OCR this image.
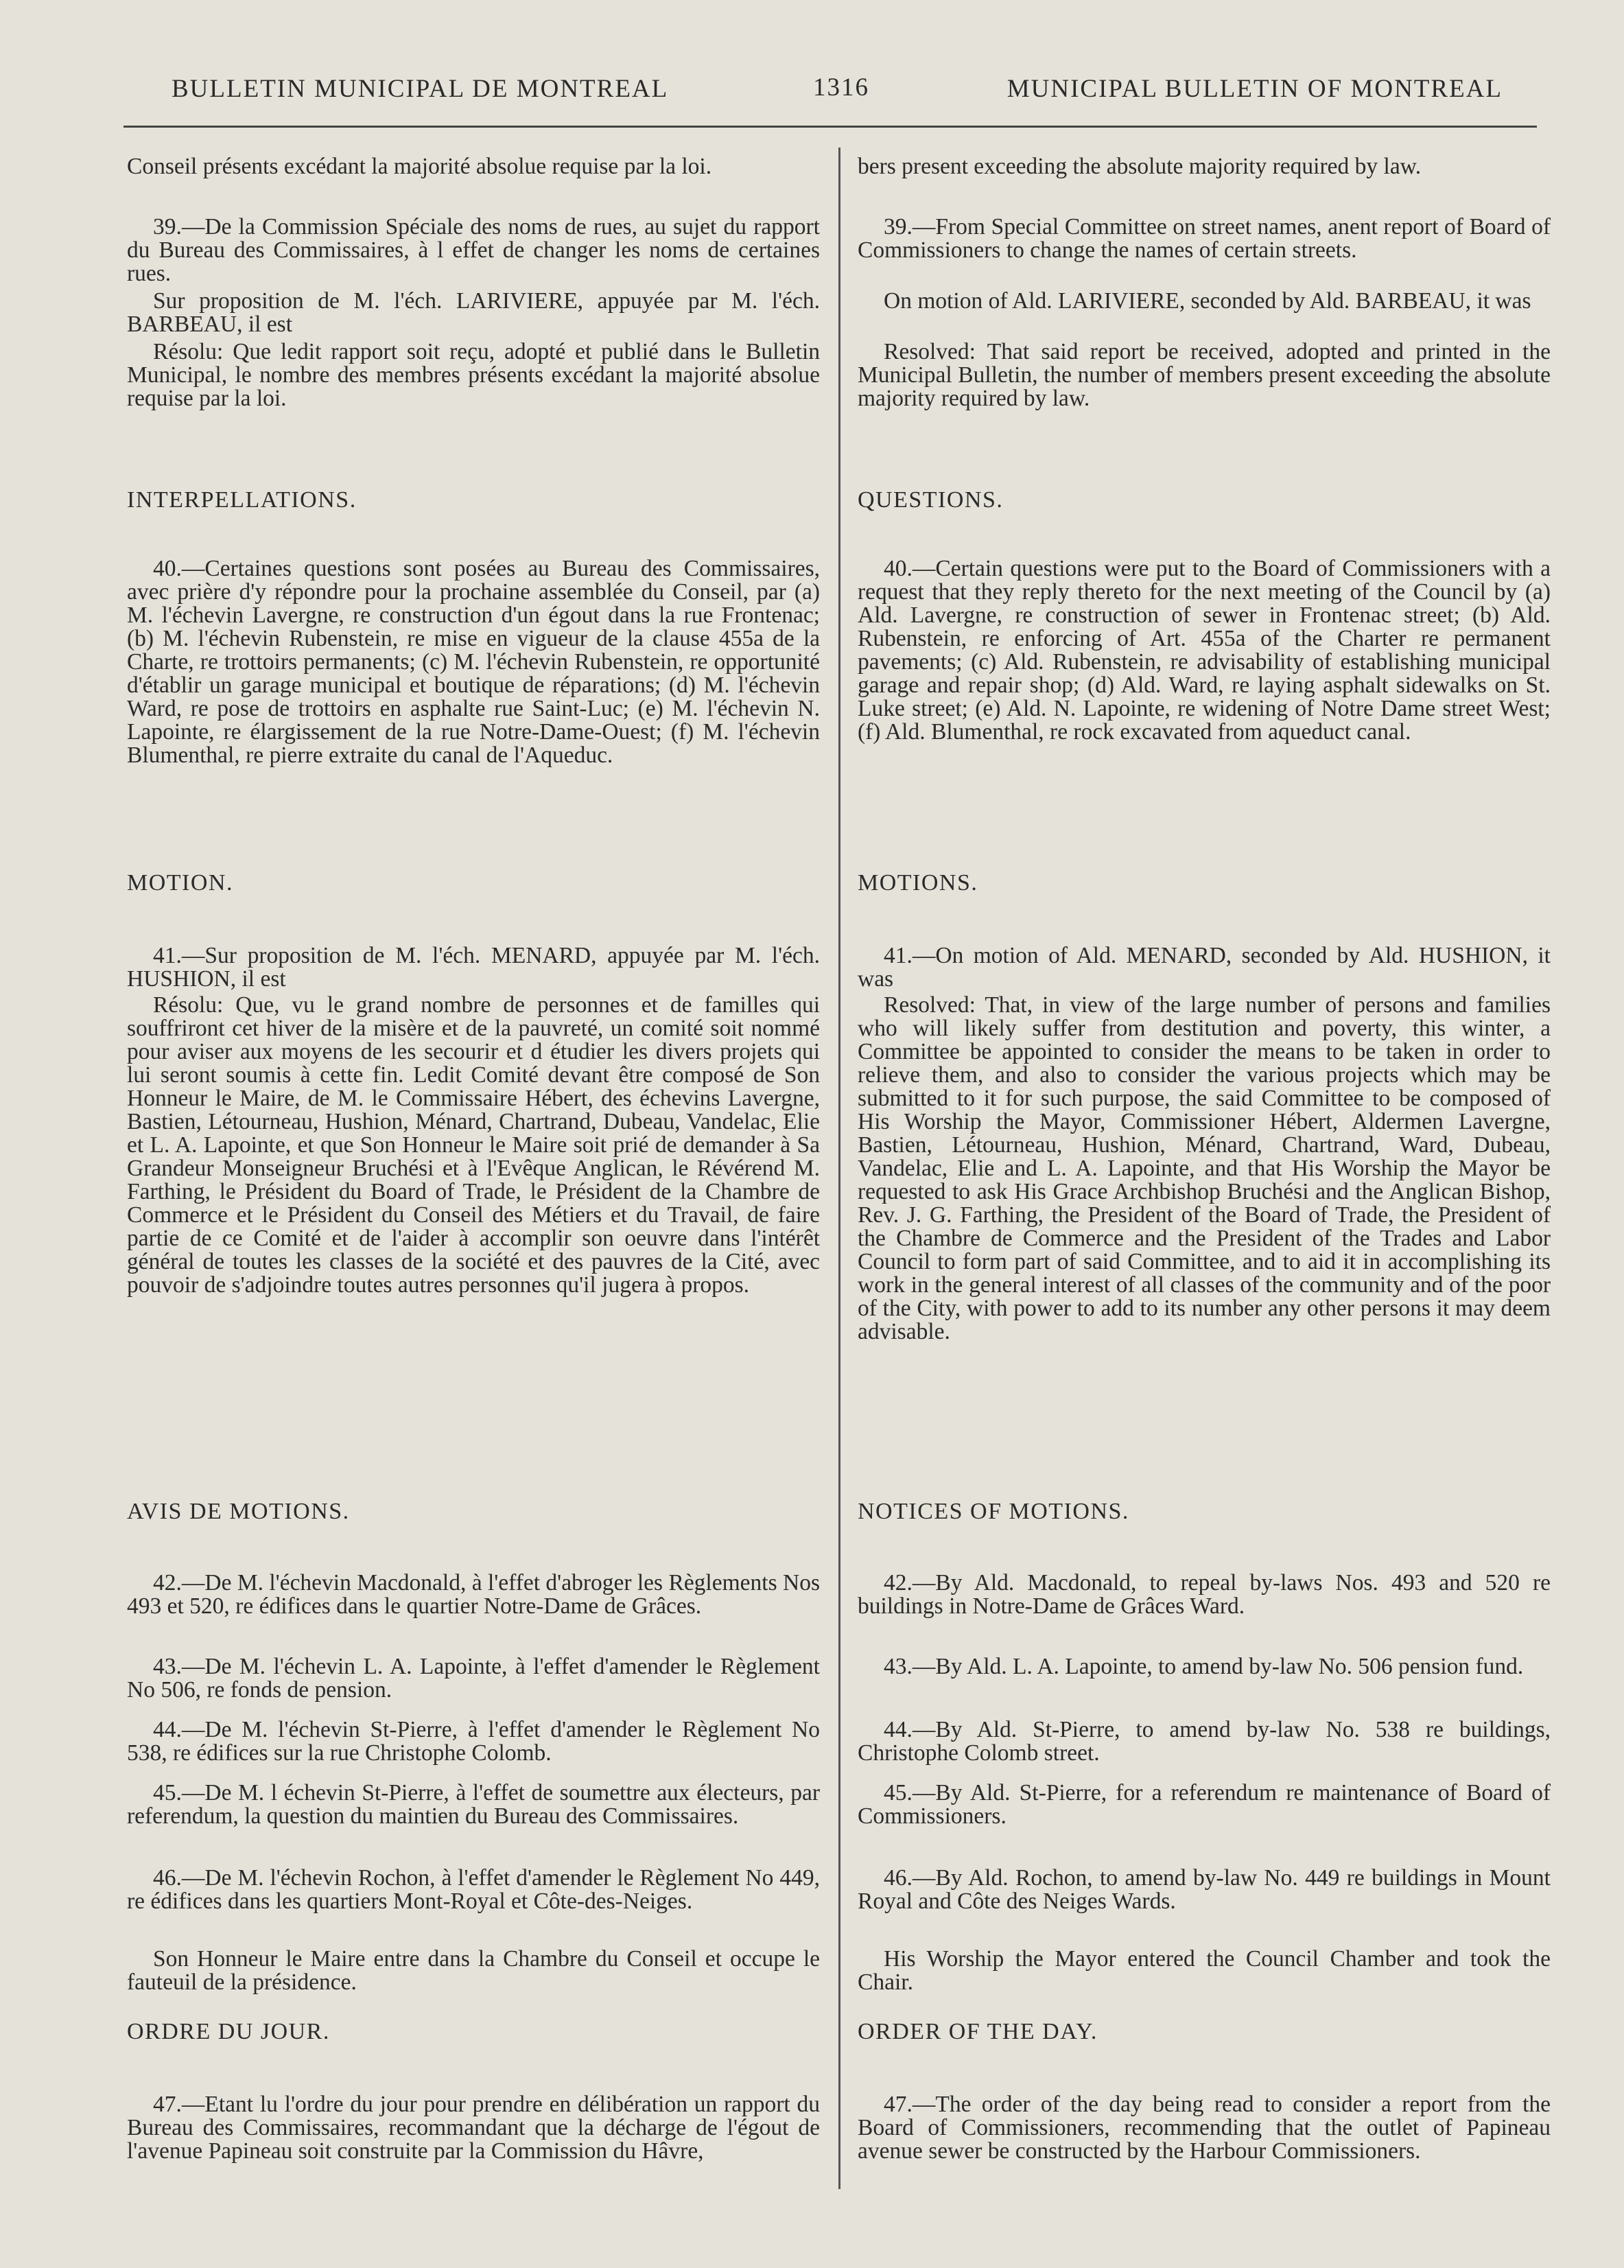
BULLETIN MUNICIPAL DE MONTREAL	1316	MUNICIPAL BULLETIN OF MONTREAL

Conseil présents excédant la majorité absolue requise par la loi.

39.—De la Commission Spéciale des noms de rues, au sujet du rapport du Bureau des Commissaires, à l effet de changer les noms de certaines rues.

Sur proposition de M. l'éch. LARIVIERE, appuyée par M. l'éch. BARBEAU, il est

Résolu: Que ledit rapport soit reçu, adopté et publié dans le Bulletin Municipal, le nombre des membres présents excédant la majorité absolue requise par la loi.

INTERPELLATIONS.

40.—Certaines questions sont posées au Bureau des Commissaires, avec prière d'y répondre pour la prochaine assemblée du Conseil, par (a) M. l'échevin Lavergne, re construction d'un égout dans la rue Frontenac; (b) M. l'échevin Rubenstein, re mise en vigueur de la clause 455a de la Charte, re trottoirs permanents; (c) M. l'échevin Rubenstein, re opportunité d'établir un garage municipal et boutique de réparations; (d) M. l'échevin Ward, re pose de trottoirs en asphalte rue Saint-Luc; (e) M. l'échevin N. Lapointe, re élargissement de la rue Notre-Dame-Ouest; (f) M. l'échevin Blumenthal, re pierre extraite du canal de l'Aqueduc.

MOTION.

41.—Sur proposition de M. l'éch. MENARD, appuyée par M. l'éch. HUSHION, il est

Résolu: Que, vu le grand nombre de personnes et de familles qui souffriront cet hiver de la misère et de la pauvreté, un comité soit nommé pour aviser aux moyens de les secourir et d étudier les divers projets qui lui seront soumis à cette fin. Ledit Comité devant être composé de Son Honneur le Maire, de M. le Commissaire Hébert, des échevins Lavergne, Bastien, Létourneau, Hushion, Ménard, Chartrand, Dubeau, Vandelac, Elie et L. A. Lapointe, et que Son Honneur le Maire soit prié de demander à Sa Grandeur Monseigneur Bruchési et à l'Evêque Anglican, le Révérend M. Farthing, le Président du Board of Trade, le Président de la Chambre de Commerce et le Président du Conseil des Métiers et du Travail, de faire partie de ce Comité et de l'aider à accomplir son oeuvre dans l'intérêt général de toutes les classes de la société et des pauvres de la Cité, avec pouvoir de s'adjoindre toutes autres personnes qu'il jugera à propos.

AVIS DE MOTIONS.

42.—De M. l'échevin Macdonald, à l'effet d'abroger les Règlements Nos 493 et 520, re édifices dans le quartier Notre-Dame de Grâces.

43.—De M. l'échevin L. A. Lapointe, à l'effet d'amender le Règlement No 506, re fonds de pension.

44.—De M. l'échevin St-Pierre, à l'effet d'amender le Règlement No 538, re édifices sur la rue Christophe Colomb.

45.—De M. l échevin St-Pierre, à l'effet de soumettre aux électeurs, par referendum, la question du maintien du Bureau des Commissaires.

46.—De M. l'échevin Rochon, à l'effet d'amender le Règlement No 449, re édifices dans les quartiers Mont-Royal et Côte-des-Neiges.

Son Honneur le Maire entre dans la Chambre du Conseil et occupe le fauteuil de la présidence.

ORDRE DU JOUR.

47.—Etant lu l'ordre du jour pour prendre en délibération un rapport du Bureau des Commissaires, recommandant que la décharge de l'égout de l'avenue Papineau soit construite par la Commission du Hâvre,

bers present exceeding the absolute majority required by law.

39.—From Special Committee on street names, anent report of Board of Commissioners to change the names of certain streets.

On motion of Ald. LARIVIERE, seconded by Ald. BARBEAU, it was

Resolved: That said report be received, adopted and printed in the Municipal Bulletin, the number of members present exceeding the absolute majority required by law.

QUESTIONS.

40.—Certain questions were put to the Board of Commissioners with a request that they reply thereto for the next meeting of the Council by (a) Ald. Lavergne, re construction of sewer in Frontenac street; (b) Ald. Rubenstein, re enforcing of Art. 455a of the Charter re permanent pavements; (c) Ald. Rubenstein, re advisability of establishing municipal garage and repair shop; (d) Ald. Ward, re laying asphalt sidewalks on St. Luke street; (e) Ald. N. Lapointe, re widening of Notre Dame street West; (f) Ald. Blumenthal, re rock excavated from aqueduct canal.

MOTIONS.

41.—On motion of Ald. MENARD, seconded by Ald. HUSHION, it was

Resolved: That, in view of the large number of persons and families who will likely suffer from destitution and poverty, this winter, a Committee be appointed to consider the means to be taken in order to relieve them, and also to consider the various projects which may be submitted to it for such purpose, the said Committee to be composed of His Worship the Mayor, Commissioner Hébert, Aldermen Lavergne, Bastien, Létourneau, Hushion, Ménard, Chartrand, Ward, Dubeau, Vandelac, Elie and L. A. Lapointe, and that His Worship the Mayor be requested to ask His Grace Archbishop Bruchési and the Anglican Bishop, Rev. J. G. Farthing, the President of the Board of Trade, the President of the Chambre de Commerce and the President of the Trades and Labor Council to form part of said Committee, and to aid it in accomplishing its work in the general interest of all classes of the community and of the poor of the City, with power to add to its number any other persons it may deem advisable.

NOTICES OF MOTIONS.

42.—By Ald. Macdonald, to repeal by-laws Nos. 493 and 520 re buildings in Notre-Dame de Grâces Ward.

43.—By Ald. L. A. Lapointe, to amend by-law No. 506 pension fund.

44.—By Ald. St-Pierre, to amend by-law No. 538 re buildings, Christophe Colomb street.

45.—By Ald. St-Pierre, for a referendum re maintenance of Board of Commissioners.

46.—By Ald. Rochon, to amend by-law No. 449 re buildings in Mount Royal and Côte des Neiges Wards.

His Worship the Mayor entered the Council Chamber and took the Chair.

ORDER OF THE DAY.

47.—The order of the day being read to consider a report from the Board of Commissioners, recommending that the outlet of Papineau avenue sewer be constructed by the Harbour Commissioners.
